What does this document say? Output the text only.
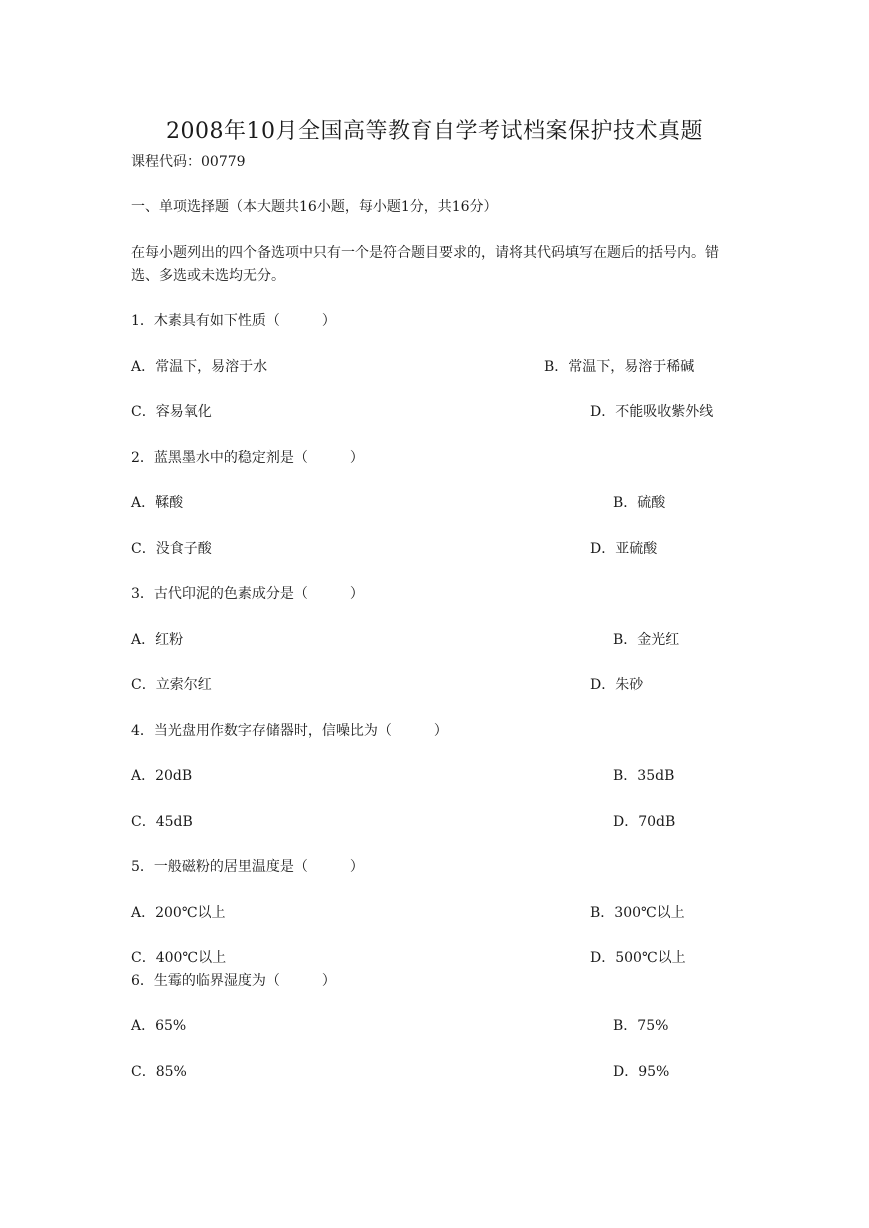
2008年10月全国高等教育自学考试档案保护技术真题
课程代码：00779
一、单项选择题（本大题共16小题，每小题1分，共16分）
在每小题列出的四个备选项中只有一个是符合题目要求的，请将其代码填写在题后的括号内。错选、多选或未选均无分。
1．木素具有如下性质（　　　）
A．常温下，易溶于水	B．常温下，易溶于稀碱
C．容易氧化	D．不能吸收紫外线
2．蓝黑墨水中的稳定剂是（　　　）
A．鞣酸	B．硫酸
C．没食子酸	D．亚硫酸
3．古代印泥的色素成分是（　　　）
A．红粉	B．金光红
C．立索尔红	D．朱砂
4．当光盘用作数字存储器时，信噪比为（　　　）
A．20dB	B．35dB
C．45dB	D．70dB
5．一般磁粉的居里温度是（　　　）
A．200℃以上	B．300℃以上
C．400℃以上	D．500℃以上
6．生霉的临界湿度为（　　　）
A．65%	B．75%
C．85%	D．95%
